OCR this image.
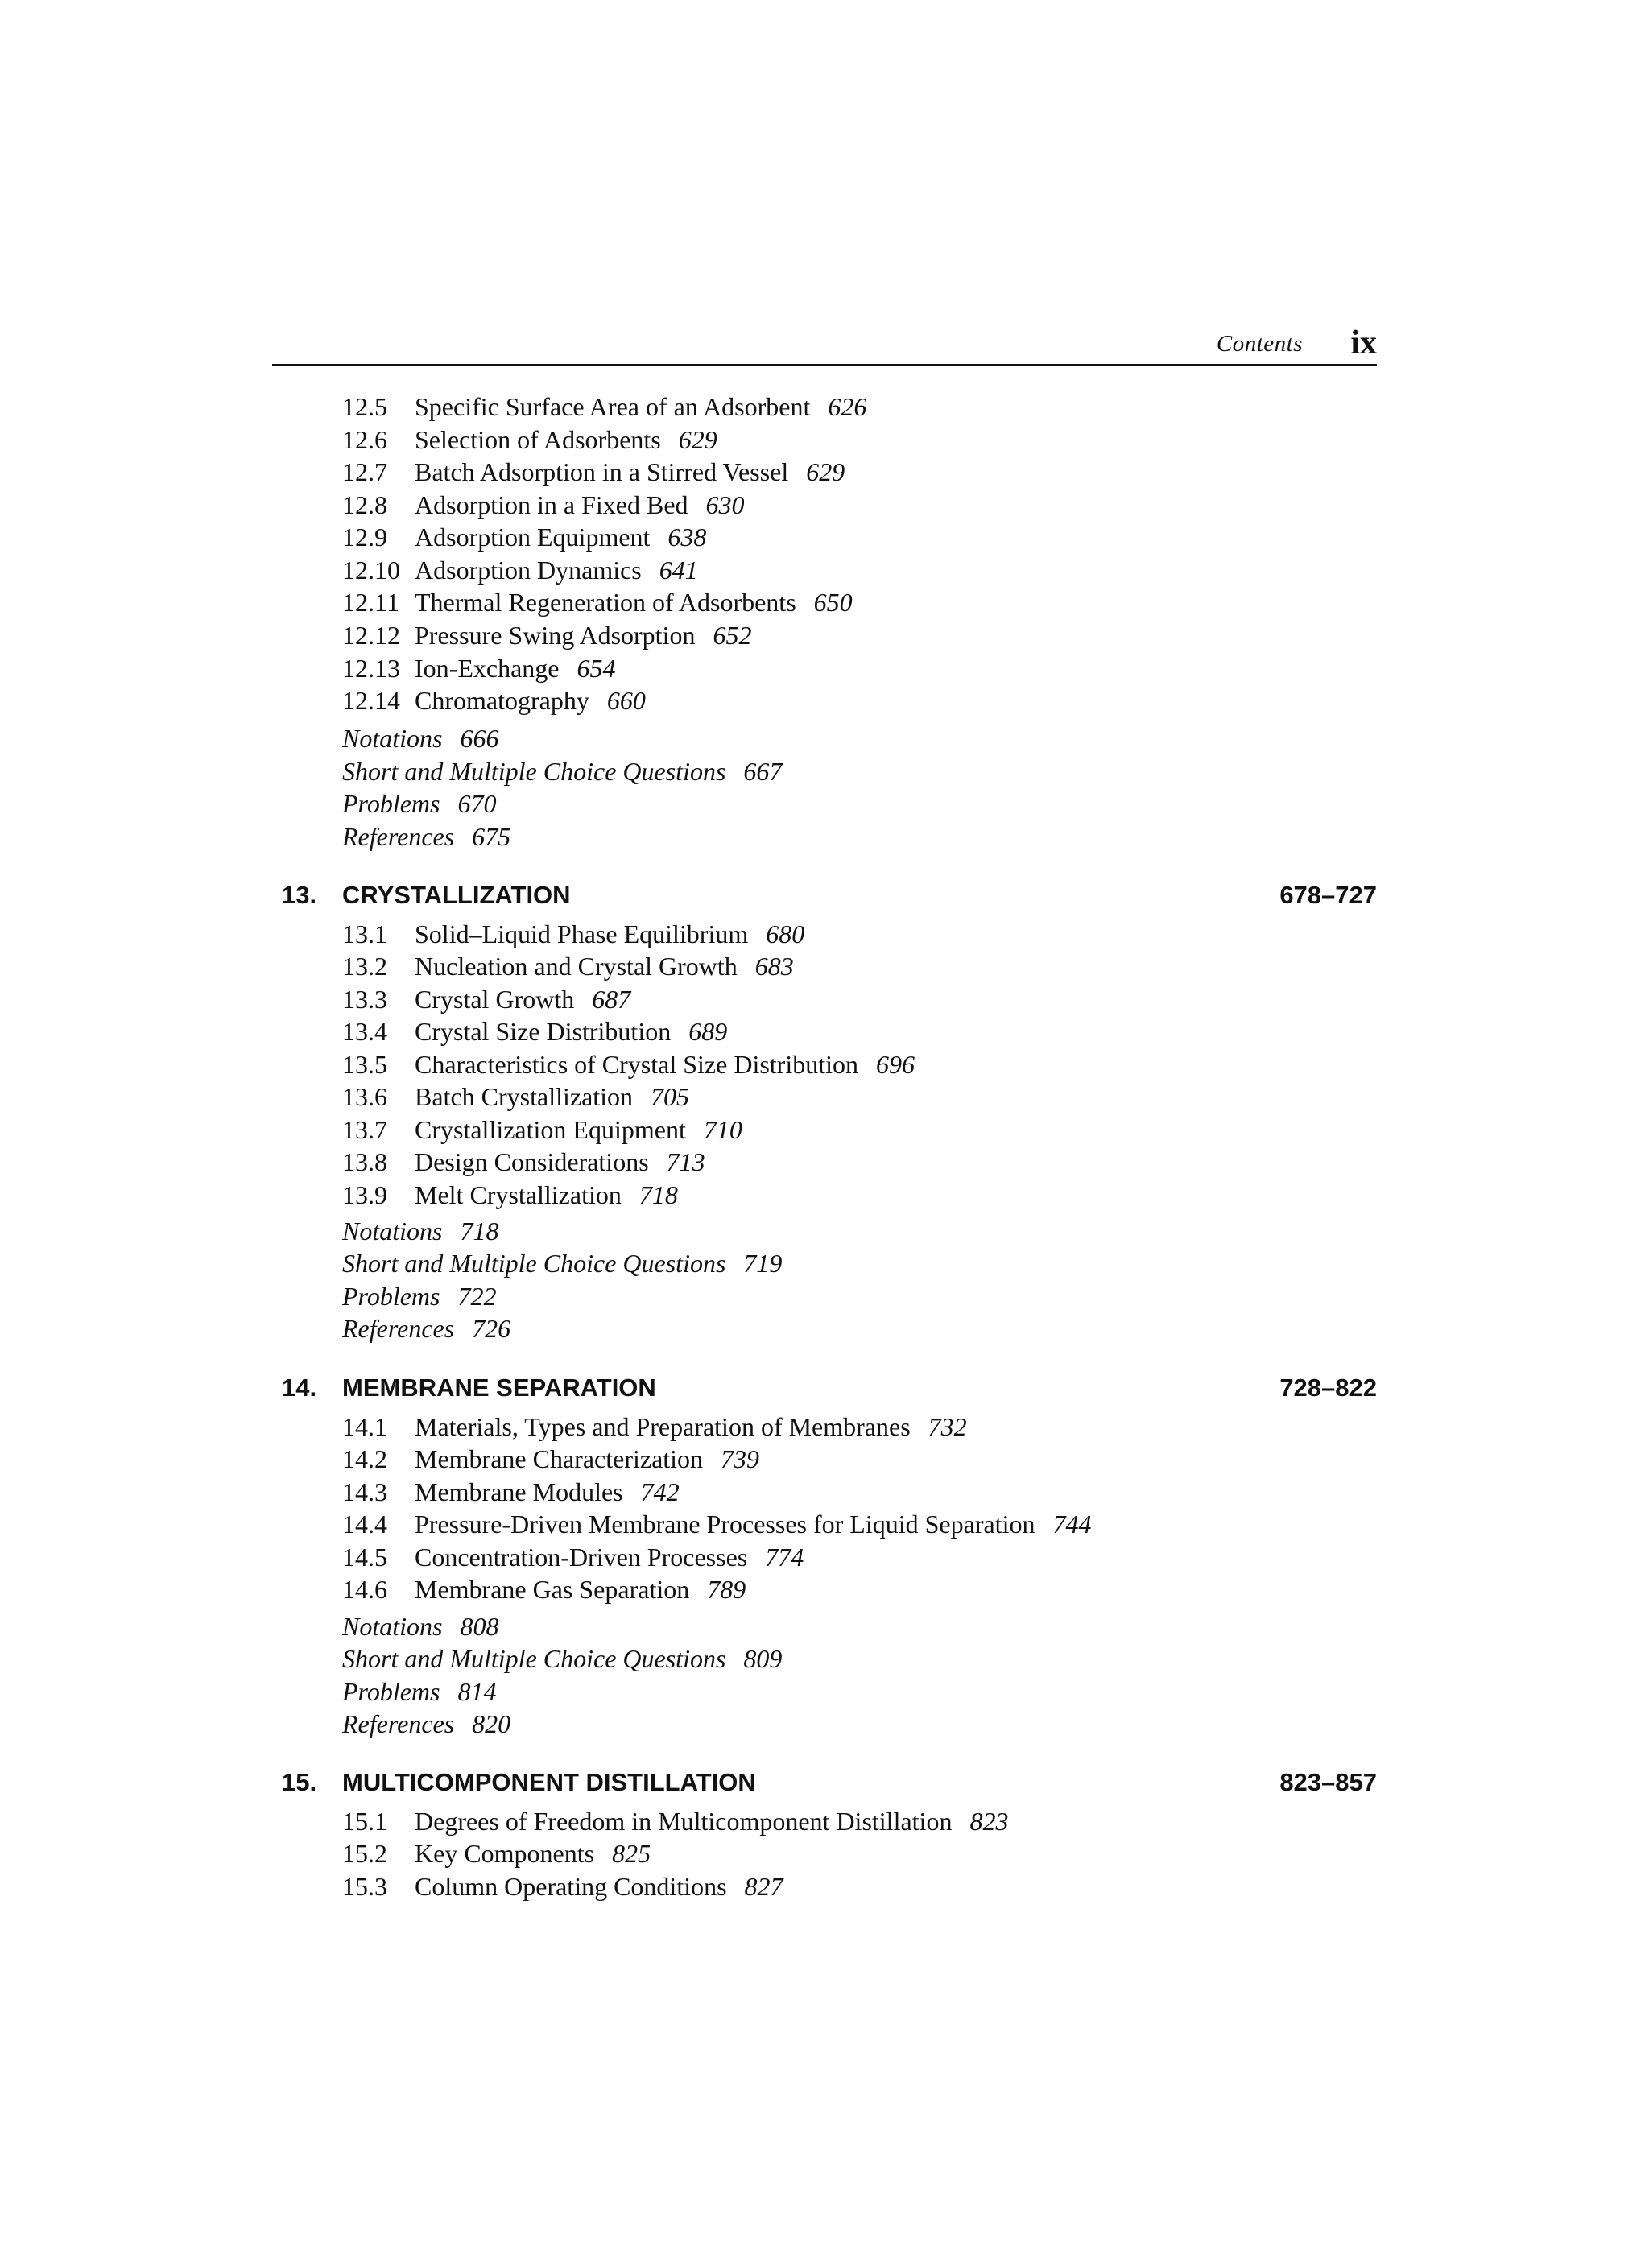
Contents ix
12.5 Specific Surface Area of an Adsorbent 626
12.6 Selection of Adsorbents 629
12.7 Batch Adsorption in a Stirred Vessel 629
12.8 Adsorption in a Fixed Bed 630
12.9 Adsorption Equipment 638
12.10 Adsorption Dynamics 641
12.11 Thermal Regeneration of Adsorbents 650
12.12 Pressure Swing Adsorption 652
12.13 Ion-Exchange 654
12.14 Chromatography 660
Notations 666
Short and Multiple Choice Questions 667
Problems 670
References 675
13. CRYSTALLIZATION	678–727
13.1 Solid–Liquid Phase Equilibrium 680
13.2 Nucleation and Crystal Growth 683
13.3 Crystal Growth 687
13.4 Crystal Size Distribution 689
13.5 Characteristics of Crystal Size Distribution 696
13.6 Batch Crystallization 705
13.7 Crystallization Equipment 710
13.8 Design Considerations 713
13.9 Melt Crystallization 718
Notations 718
Short and Multiple Choice Questions 719
Problems 722
References 726
14. MEMBRANE SEPARATION	728–822
14.1 Materials, Types and Preparation of Membranes 732
14.2 Membrane Characterization 739
14.3 Membrane Modules 742
14.4 Pressure-Driven Membrane Processes for Liquid Separation 744
14.5 Concentration-Driven Processes 774
14.6 Membrane Gas Separation 789
Notations 808
Short and Multiple Choice Questions 809
Problems 814
References 820
15. MULTICOMPONENT DISTILLATION	823–857
15.1 Degrees of Freedom in Multicomponent Distillation 823
15.2 Key Components 825
15.3 Column Operating Conditions 827
